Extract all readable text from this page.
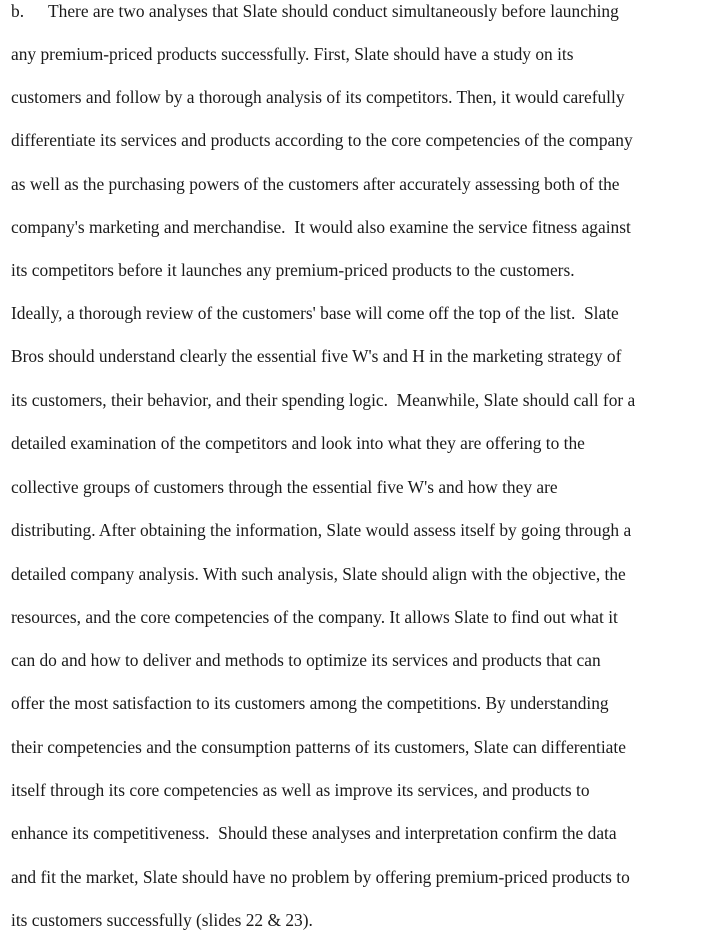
b. There are two analyses that Slate should conduct simultaneously before launching
any premium-priced products successfully. First, Slate should have a study on its
customers and follow by a thorough analysis of its competitors. Then, it would carefully
differentiate its services and products according to the core competencies of the company
as well as the purchasing powers of the customers after accurately assessing both of the
company's marketing and merchandise.  It would also examine the service fitness against
its competitors before it launches any premium-priced products to the customers.
Ideally, a thorough review of the customers' base will come off the top of the list.  Slate
Bros should understand clearly the essential five W's and H in the marketing strategy of
its customers, their behavior, and their spending logic.  Meanwhile, Slate should call for a
detailed examination of the competitors and look into what they are offering to the
collective groups of customers through the essential five W's and how they are
distributing. After obtaining the information, Slate would assess itself by going through a
detailed company analysis. With such analysis, Slate should align with the objective, the
resources, and the core competencies of the company. It allows Slate to find out what it
can do and how to deliver and methods to optimize its services and products that can
offer the most satisfaction to its customers among the competitions. By understanding
their competencies and the consumption patterns of its customers, Slate can differentiate
itself through its core competencies as well as improve its services, and products to
enhance its competitiveness.  Should these analyses and interpretation confirm the data
and fit the market, Slate should have no problem by offering premium-priced products to
its customers successfully (slides 22 & 23).
